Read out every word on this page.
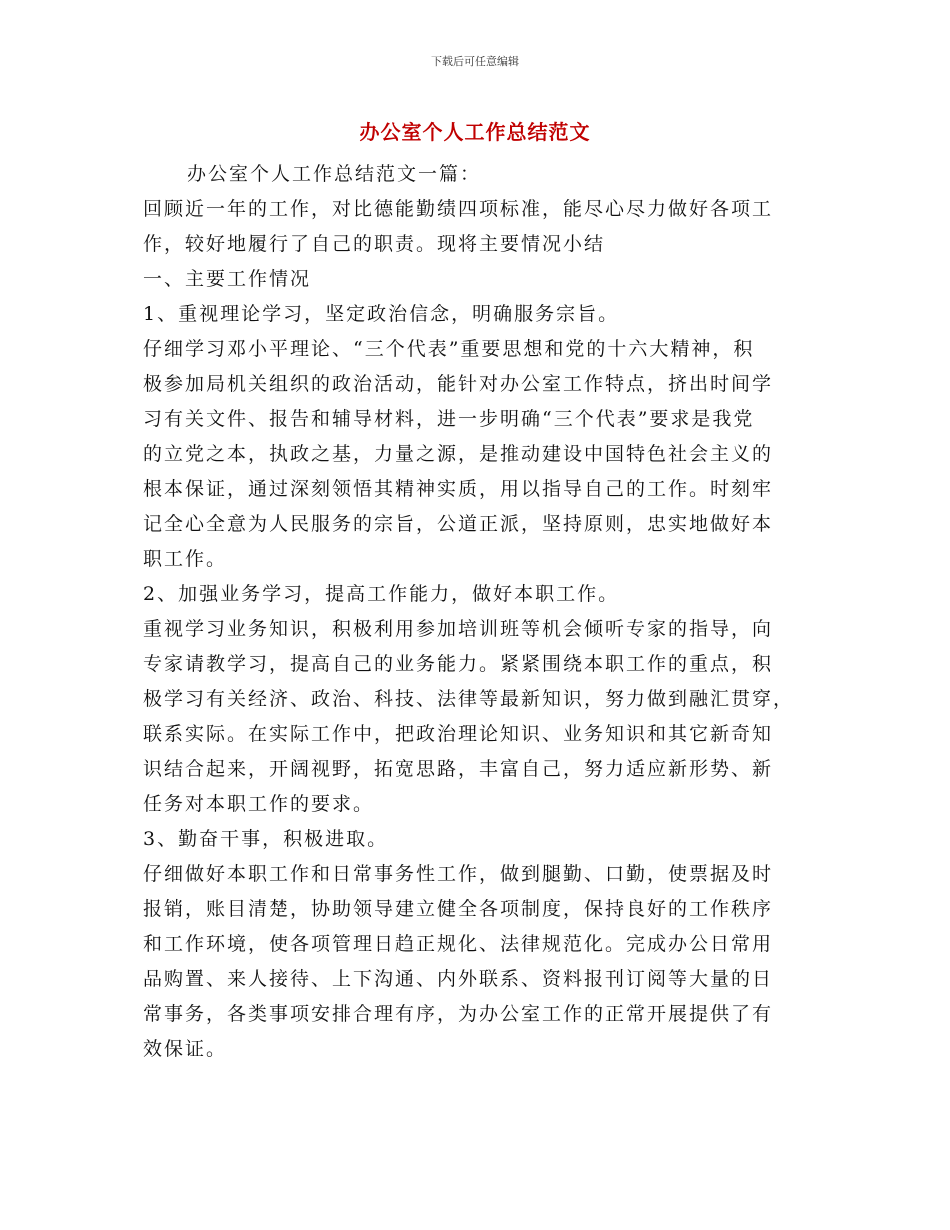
下载后可任意编辑
办公室个人工作总结范文

办公室个人工作总结范文一篇：

回顾近一年的工作，对比德能勤绩四项标准，能尽心尽力做好各项工

作，较好地履行了自己的职责。现将主要情况小结

一、主要工作情况

1、重视理论学习，坚定政治信念，明确服务宗旨。

仔细学习邓小平理论、“三个代表”重要思想和党的十六大精神，积

极参加局机关组织的政治活动，能针对办公室工作特点，挤出时间学

习有关文件、报告和辅导材料，进一步明确“三个代表”要求是我党

的立党之本，执政之基，力量之源，是推动建设中国特色社会主义的

根本保证，通过深刻领悟其精神实质，用以指导自己的工作。时刻牢

记全心全意为人民服务的宗旨，公道正派，坚持原则，忠实地做好本

职工作。

2、加强业务学习，提高工作能力，做好本职工作。

重视学习业务知识，积极利用参加培训班等机会倾听专家的指导，向

专家请教学习，提高自己的业务能力。紧紧围绕本职工作的重点，积

极学习有关经济、政治、科技、法律等最新知识，努力做到融汇贯穿，

联系实际。在实际工作中，把政治理论知识、业务知识和其它新奇知

识结合起来，开阔视野，拓宽思路，丰富自己，努力适应新形势、新

任务对本职工作的要求。

3、勤奋干事，积极进取。

仔细做好本职工作和日常事务性工作，做到腿勤、口勤，使票据及时

报销，账目清楚，协助领导建立健全各项制度，保持良好的工作秩序

和工作环境，使各项管理日趋正规化、法律规范化。完成办公日常用

品购置、来人接待、上下沟通、内外联系、资料报刊订阅等大量的日

常事务，各类事项安排合理有序，为办公室工作的正常开展提供了有

效保证。
